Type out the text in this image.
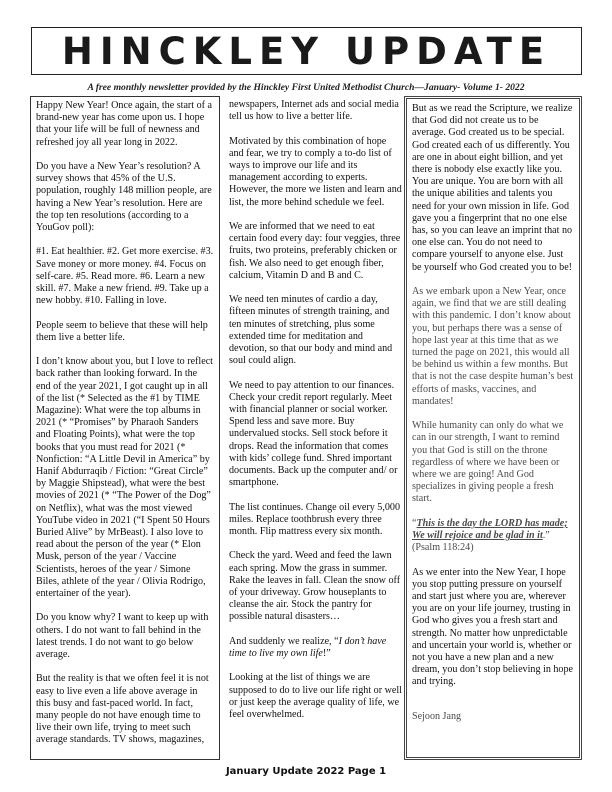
HINCKLEY UPDATE
A free monthly newsletter provided by the Hinckley First United Methodist Church—January- Volume 1- 2022

Happy New Year! Once again, the start of a brand-new year has come upon us. I hope that your life will be full of newness and refreshed joy all year long in 2022.

Do you have a New Year’s resolution? A survey shows that 45% of the U.S. population, roughly 148 million people, are having a New Year’s resolution. Here are the top ten resolutions (according to a YouGov poll):

#1. Eat healthier. #2. Get more exercise. #3. Save money or more money. #4. Focus on self-care. #5. Read more. #6. Learn a new skill. #7. Make a new friend. #9. Take up a new hobby. #10. Falling in love.

People seem to believe that these will help them live a better life.

I don’t know about you, but I love to reflect back rather than looking forward. In the end of the year 2021, I got caught up in all of the list (* Selected as the #1 by TIME Magazine): What were the top albums in 2021 (* “Promises” by Pharaoh Sanders and Floating Points), what were the top books that you must read for 2021 (* Nonfiction: “A Little Devil in America” by Hanif Abdurraqib / Fiction: “Great Circle” by Maggie Shipstead), what were the best movies of 2021 (* “The Power of the Dog” on Netflix), what was the most viewed YouTube video in 2021 (“I Spent 50 Hours Buried Alive” by MrBeast). I also love to read about the person of the year (* Elon Musk, person of the year / Vaccine Scientists, heroes of the year / Simone Biles, athlete of the year / Olivia Rodrigo, entertainer of the year).

Do you know why? I want to keep up with others. I do not want to fall behind in the latest trends. I do not want to go below average.

But the reality is that we often feel it is not easy to live even a life above average in this busy and fast-paced world. In fact, many people do not have enough time to live their own life, trying to meet such average standards. TV shows, magazines,

newspapers, Internet ads and social media tell us how to live a better life.

Motivated by this combination of hope and fear, we try to comply a to-do list of ways to improve our life and its management according to experts. However, the more we listen and learn and list, the more behind schedule we feel.

We are informed that we need to eat certain food every day: four veggies, three fruits, two proteins, preferably chicken or fish. We also need to get enough fiber, calcium, Vitamin D and B and C.

We need ten minutes of cardio a day, fifteen minutes of strength training, and ten minutes of stretching, plus some extended time for meditation and devotion, so that our body and mind and soul could align.

We need to pay attention to our finances. Check your credit report regularly. Meet with financial planner or social worker. Spend less and save more. Buy undervalued stocks. Sell stock before it drops. Read the information that comes with kids’ college fund. Shred important documents. Back up the computer and/ or smartphone.

The list continues. Change oil every 5,000 miles. Replace toothbrush every three month. Flip mattress every six month.

Check the yard. Weed and feed the lawn each spring. Mow the grass in summer. Rake the leaves in fall. Clean the snow off of your driveway. Grow houseplants to cleanse the air. Stock the pantry for possible natural disasters…

And suddenly we realize, “I don’t have time to live my own life!”

Looking at the list of things we are supposed to do to live our life right or well or just keep the average quality of life, we feel overwhelmed.

But as we read the Scripture, we realize that God did not create us to be average. God created us to be special. God created each of us differently. You are one in about eight billion, and yet there is nobody else exactly like you. You are unique. You are born with all the unique abilities and talents you need for your own mission in life. God gave you a fingerprint that no one else has, so you can leave an imprint that no one else can. You do not need to compare yourself to anyone else. Just be yourself who God created you to be!

As we embark upon a New Year, once again, we find that we are still dealing with this pandemic. I don’t know about you, but perhaps there was a sense of hope last year at this time that as we turned the page on 2021, this would all be behind us within a few months. But that is not the case despite human’s best efforts of masks, vaccines, and mandates!

While humanity can only do what we can in our strength, I want to remind you that God is still on the throne regardless of where we have been or where we are going! And God specializes in giving people a fresh start.

“This is the day the LORD has made; We will rejoice and be glad in it.” (Psalm 118:24)

As we enter into the New Year, I hope you stop putting pressure on yourself and start just where you are, wherever you are on your life journey, trusting in God who gives you a fresh start and strength. No matter how unpredictable and uncertain your world is, whether or not you have a new plan and a new dream, you don’t stop believing in hope and trying.

Sejoon Jang

January Update 2022 Page 1
